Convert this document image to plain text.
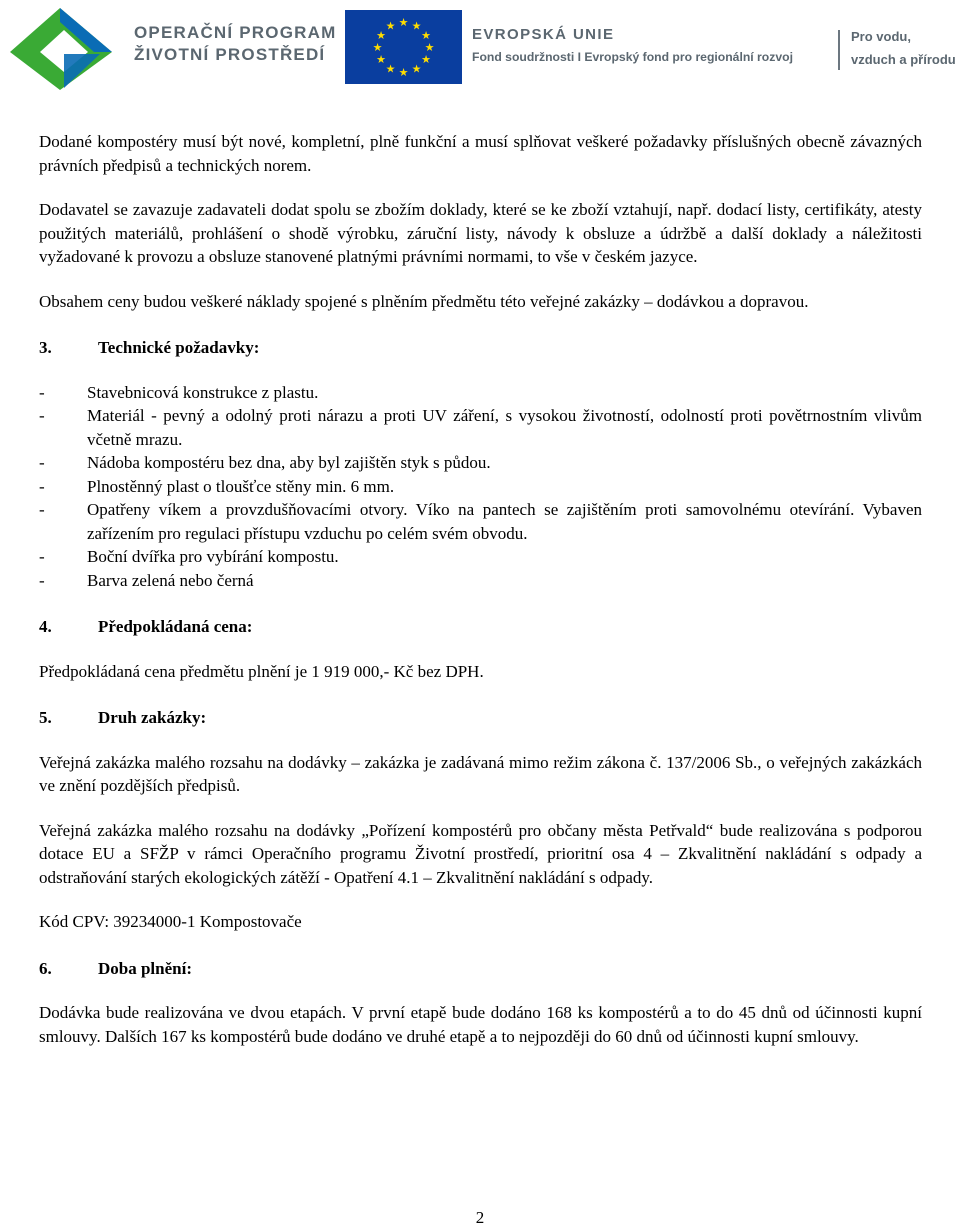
OPERAČNÍ PROGRAM
ŽIVOTNÍ PROSTŘEDÍ
★ ★
★
★
★
★
★
★
★
★
★
★	EVROPSKÁ UNIE
Fond soudržnosti I Evropský fond pro regionální rozvoj
Pro vodu,
vzduch a přírodu

Dodané kompostéry musí být nové, kompletní, plně funkční a musí splňovat veškeré požadavky příslušných obecně závazných právních předpisů a technických norem.

Dodavatel se zavazuje zadavateli dodat spolu se zbožím doklady, které se ke zboží vztahují, např. dodací listy, certifikáty, atesty použitých materiálů, prohlášení o shodě výrobku, záruční listy, návody k obsluze a údržbě a další doklady a náležitosti vyžadované k provozu a obsluze stanovené platnými právními normami, to vše v českém jazyce.

Obsahem ceny budou veškeré náklady spojené s plněním předmětu této veřejné zakázky – dodávkou a dopravou.

3.	Technické požadavky:
- Stavebnicová konstrukce z plastu.
- Materiál - pevný a odolný proti nárazu a proti UV záření, s vysokou životností, odolností proti povětrnostním vlivům včetně mrazu.
- Nádoba kompostéru bez dna, aby byl zajištěn styk s půdou.
- Plnostěnný plast o tloušťce stěny min. 6 mm.
- Opatřeny víkem a provzdušňovacími otvory. Víko na pantech se zajištěním proti samovolnému otevírání. Vybaven zařízením pro regulaci přístupu vzduchu po celém svém obvodu.
- Boční dvířka pro vybírání kompostu.
- Barva zelená nebo černá
4.	Předpokládaná cena:

Předpokládaná cena předmětu plnění je 1 919 000,- Kč bez DPH.

5.	Druh zakázky:

Veřejná zakázka malého rozsahu na dodávky – zakázka je zadávaná mimo režim zákona č. 137/2006 Sb., o veřejných zakázkách ve znění pozdějších předpisů.

Veřejná zakázka malého rozsahu na dodávky „Pořízení kompostérů pro občany města Petřvald“ bude realizována s podporou dotace EU a SFŽP v rámci Operačního programu Životní prostředí, prioritní osa 4 – Zkvalitnění nakládání s odpady a odstraňování starých ekologických zátěží - Opatření 4.1 – Zkvalitnění nakládání s odpady.

Kód CPV: 39234000-1 Kompostovače

6.	Doba plnění:

Dodávka bude realizována ve dvou etapách. V první etapě bude dodáno 168 ks kompostérů a to do 45 dnů od účinnosti kupní smlouvy. Dalších 167 ks kompostérů bude dodáno ve druhé etapě a to nejpozději do 60 dnů od účinnosti kupní smlouvy.

2
